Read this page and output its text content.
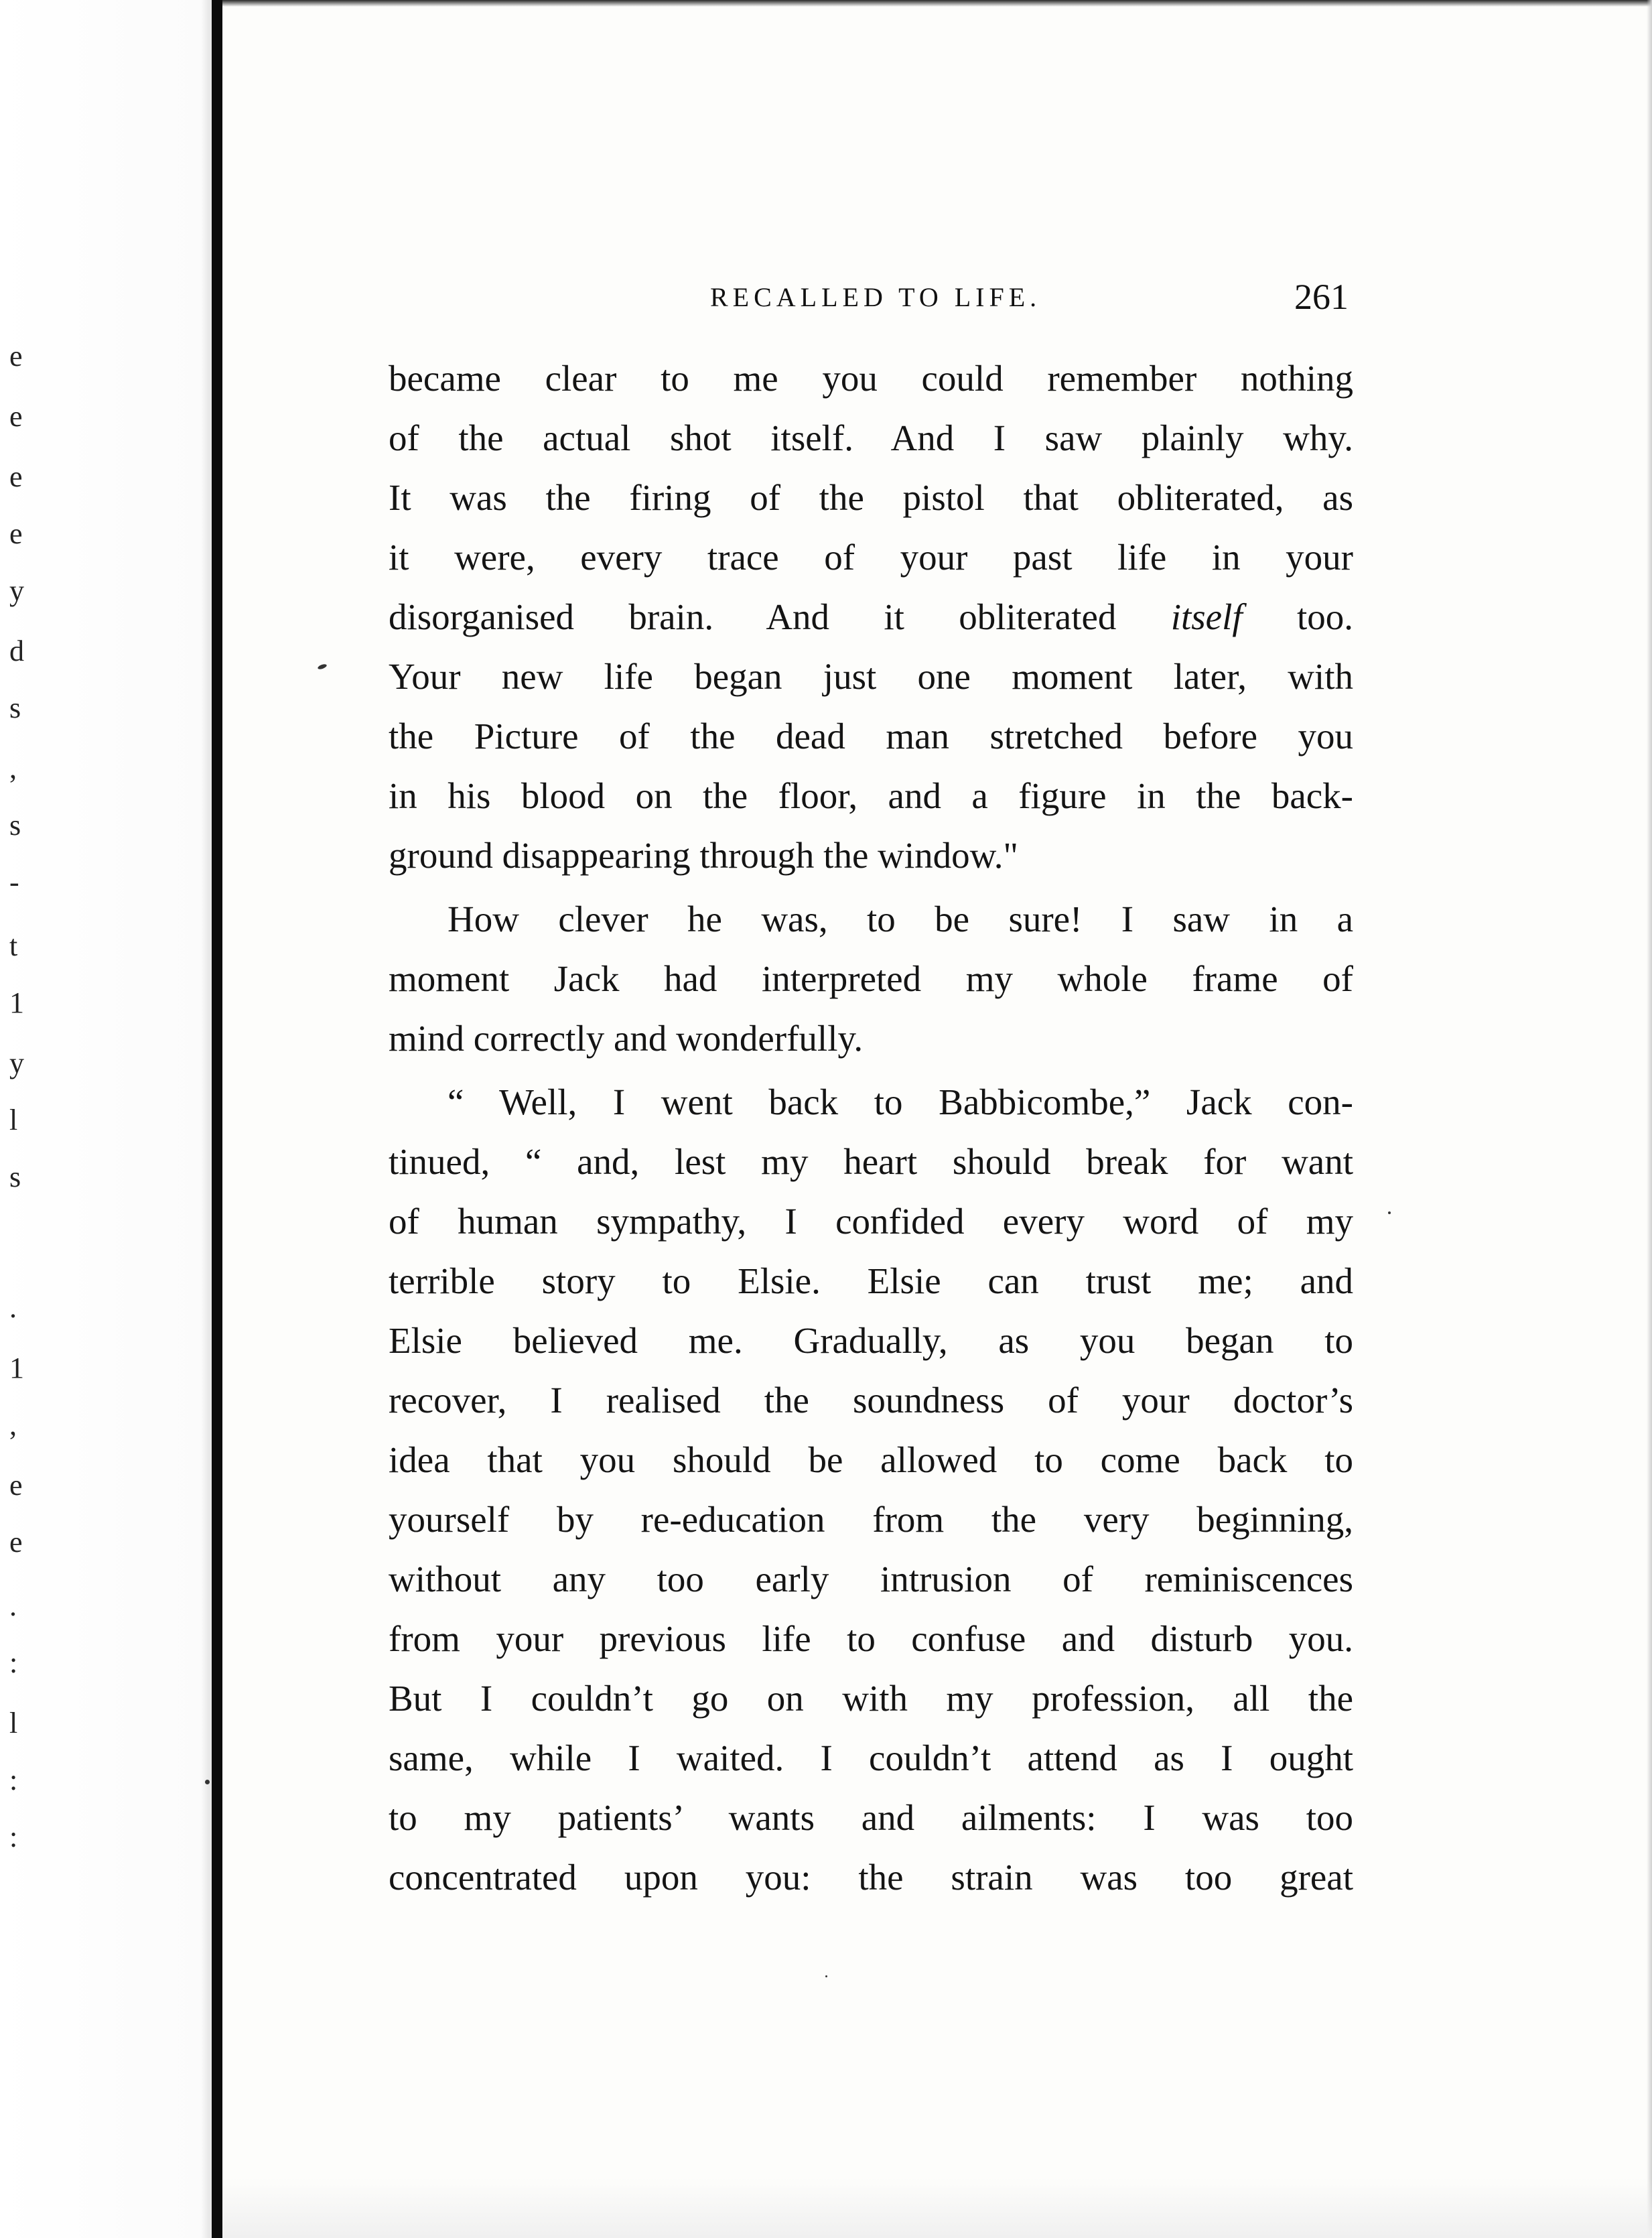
e
e
e
e
y
d
s
,
s
-
t
1
y
l
s
.
1
,
e
e
.
:
l
:
:
RECALLED TO LIFE.	261
became clear to me you could remember nothing
of the actual shot itself. And I saw plainly why.
It was the firing of the pistol that obliterated, as
it were, every trace of your past life in your
disorganised brain. And it obliterated itself too.
Your new life began just one moment later, with
the Picture of the dead man stretched before you
in his blood on the floor, and a figure in the back-
ground disappearing through the window."
How clever he was, to be sure! I saw in a
moment Jack had interpreted my whole frame of
mind correctly and wonderfully.
“ Well, I went back to Babbicombe,” Jack con-
tinued, “ and, lest my heart should break for want
of human sympathy, I confided every word of my
terrible story to Elsie. Elsie can trust me; and
Elsie believed me. Gradually, as you began to
recover, I realised the soundness of your doctor’s
idea that you should be allowed to come back to
yourself by re-education from the very beginning,
without any too early intrusion of reminiscences
from your previous life to confuse and disturb you.
But I couldn’t go on with my profession, all the
same, while I waited. I couldn’t attend as I ought
to my patients’ wants and ailments: I was too
concentrated upon you: the strain was too great
